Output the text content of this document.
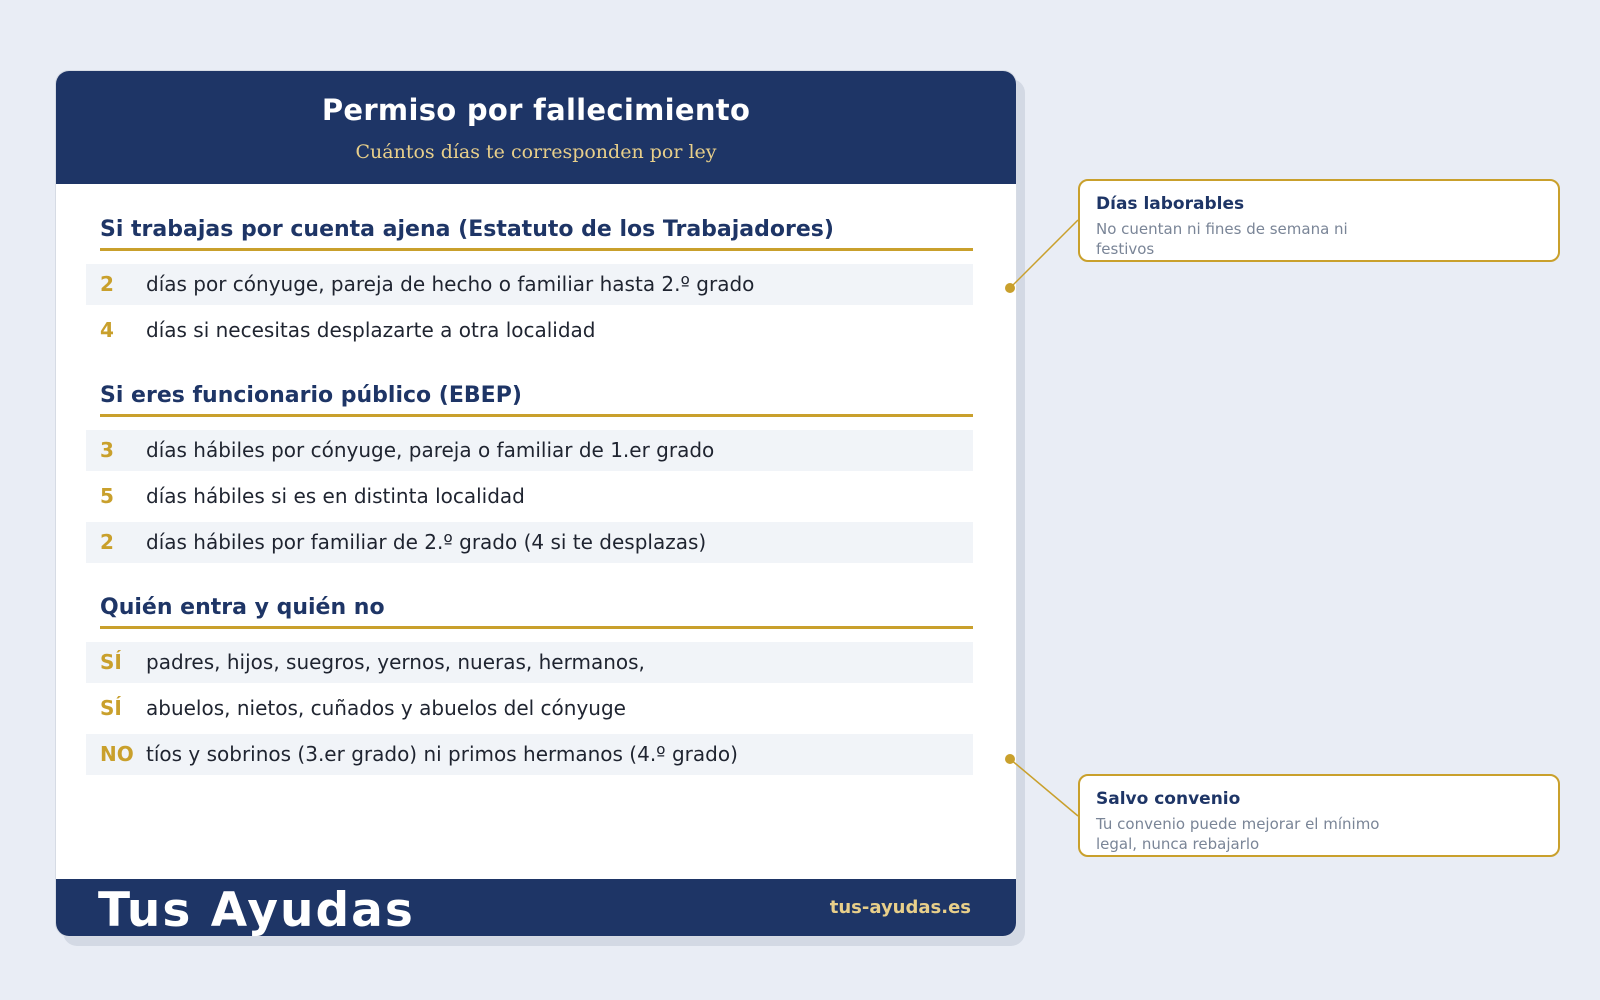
Permiso por fallecimiento
Cuántos días te corresponden por ley
Si trabajas por cuenta ajena (Estatuto de los Trabajadores)
2 días por cónyuge, pareja de hecho o familiar hasta 2.º grado
4 días si necesitas desplazarte a otra localidad
Si eres funcionario público (EBEP)
3 días hábiles por cónyuge, pareja o familiar de 1.er grado
5 días hábiles si es en distinta localidad
2 días hábiles por familiar de 2.º grado (4 si te desplazas)
Quién entra y quién no
SÍ padres, hijos, suegros, yernos, nueras, hermanos,
SÍ abuelos, nietos, cuñados y abuelos del cónyuge
NO tíos y sobrinos (3.er grado) ni primos hermanos (4.º grado)
Tus Ayudas	tus-ayudas.es
Días laborables
No cuentan ni fines de semana ni festivos
Salvo convenio
Tu convenio puede mejorar el mínimo legal, nunca rebajarlo
